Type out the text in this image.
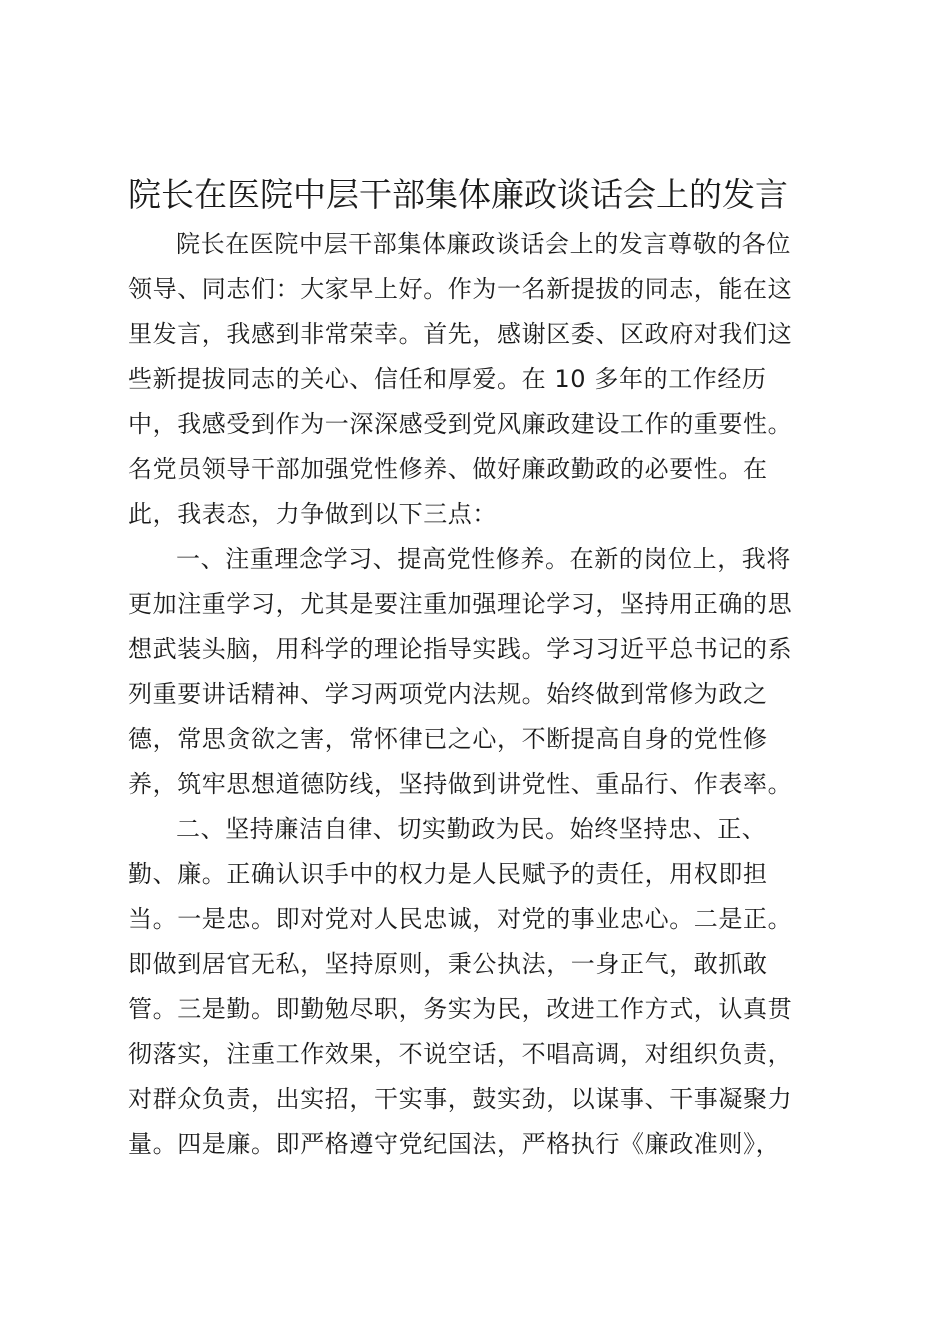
院长在医院中层干部集体廉政谈话会上的发言
院长在医院中层干部集体廉政谈话会上的发言尊敬的各位
领导、同志们：大家早上好。作为一名新提拔的同志，能在这
里发言，我感到非常荣幸。首先，感谢区委、区政府对我们这
些新提拔同志的关心、信任和厚爱。在 10 多年的工作经历
中，我感受到作为一深深感受到党风廉政建设工作的重要性。
名党员领导干部加强党性修养、做好廉政勤政的必要性。在
此，我表态，力争做到以下三点：
一、注重理念学习、提高党性修养。在新的岗位上，我将
更加注重学习，尤其是要注重加强理论学习，坚持用正确的思
想武装头脑，用科学的理论指导实践。学习习近平总书记的系
列重要讲话精神、学习两项党内法规。始终做到常修为政之
德，常思贪欲之害，常怀律已之心，不断提高自身的党性修
养，筑牢思想道德防线，坚持做到讲党性、重品行、作表率。
二、坚持廉洁自律、切实勤政为民。始终坚持忠、正、
勤、廉。正确认识手中的权力是人民赋予的责任，用权即担
当。一是忠。即对党对人民忠诚，对党的事业忠心。二是正。
即做到居官无私，坚持原则，秉公执法，一身正气，敢抓敢
管。三是勤。即勤勉尽职，务实为民，改进工作方式，认真贯
彻落实，注重工作效果，不说空话，不唱高调，对组织负责，
对群众负责，出实招，干实事，鼓实劲，以谋事、干事凝聚力
量。四是廉。即严格遵守党纪国法，严格执行《廉政准则》，
